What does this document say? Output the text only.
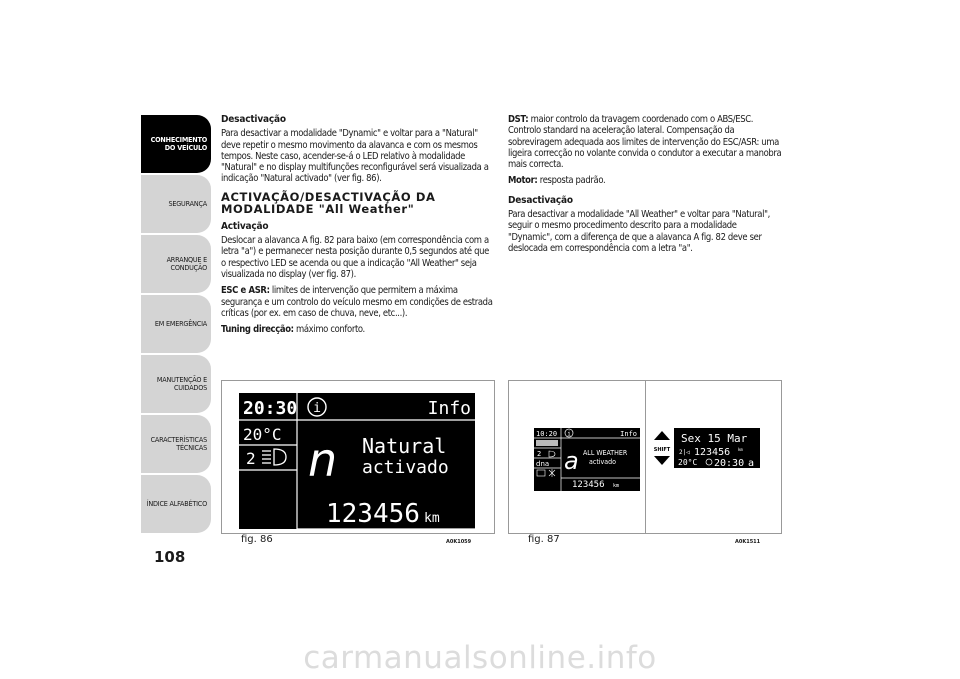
CONHECIMENTO
DO VEÍCULO
SEGURANÇA
ARRANQUE E
CONDUÇÃO
EM EMERGÊNCIA
MANUTENÇÃO E
CUIDADOS
CARACTERÍSTICAS
TÉCNICAS
ÍNDICE ALFABÉTICO
108
Desactivação

Para desactivar a modalidade "Dynamic" e voltar para a "Natural" deve repetir o mesmo movimento da alavanca e com os mesmos tempos. Neste caso, acender-se-á o LED relativo à modalidade "Natural" e no display multifunções reconfigurável será visualizada a indicação "Natural activado" (ver fig. 86).

ACTIVAÇÃO/DESACTIVAÇÃO DA MODALIDADE "All Weather"
Activação

Deslocar a alavanca A fig. 82 para baixo (em correspondência com a letra "a") e permanecer nesta posição durante 0,5 segundos até que o respectivo LED se acenda ou que a indicação "All Weather" seja visualizada no display (ver fig. 87).

ESC e ASR: limites de intervenção que permitem a máxima segurança e um controlo do veículo mesmo em condições de estrada críticas (por ex. em caso de chuva, neve, etc...).

Tuning direcção: máximo conforto.

DST: maior controlo da travagem coordenado com o ABS/ESC. Controlo standard na aceleração lateral. Compensação da sobreviragem adequada aos limites de intervenção do ESC/ASR: uma ligeira correcção no volante convida o condutor a executar a manobra mais correcta.

Motor: resposta padrão.

Desactivação

Para desactivar a modalidade "All Weather" e voltar para "Natural", seguir o mesmo procedimento descrito para a modalidade "Dynamic", com a diferença de que a alavanca A fig. 82 deve ser deslocada em correspondência com a letra "a".

i
20:30	Info
20°C
2 n Natural
activado
123456 km
fig. 86	A0K1059
i
10:20	Info
2
dna a ALL WEATHER
activado
123456 km
SHIFT
Sex 15 Mar
2|◁ 123456 km
20°C 20:30 a
fig. 87	A0K1511
carmanualsonline.info
